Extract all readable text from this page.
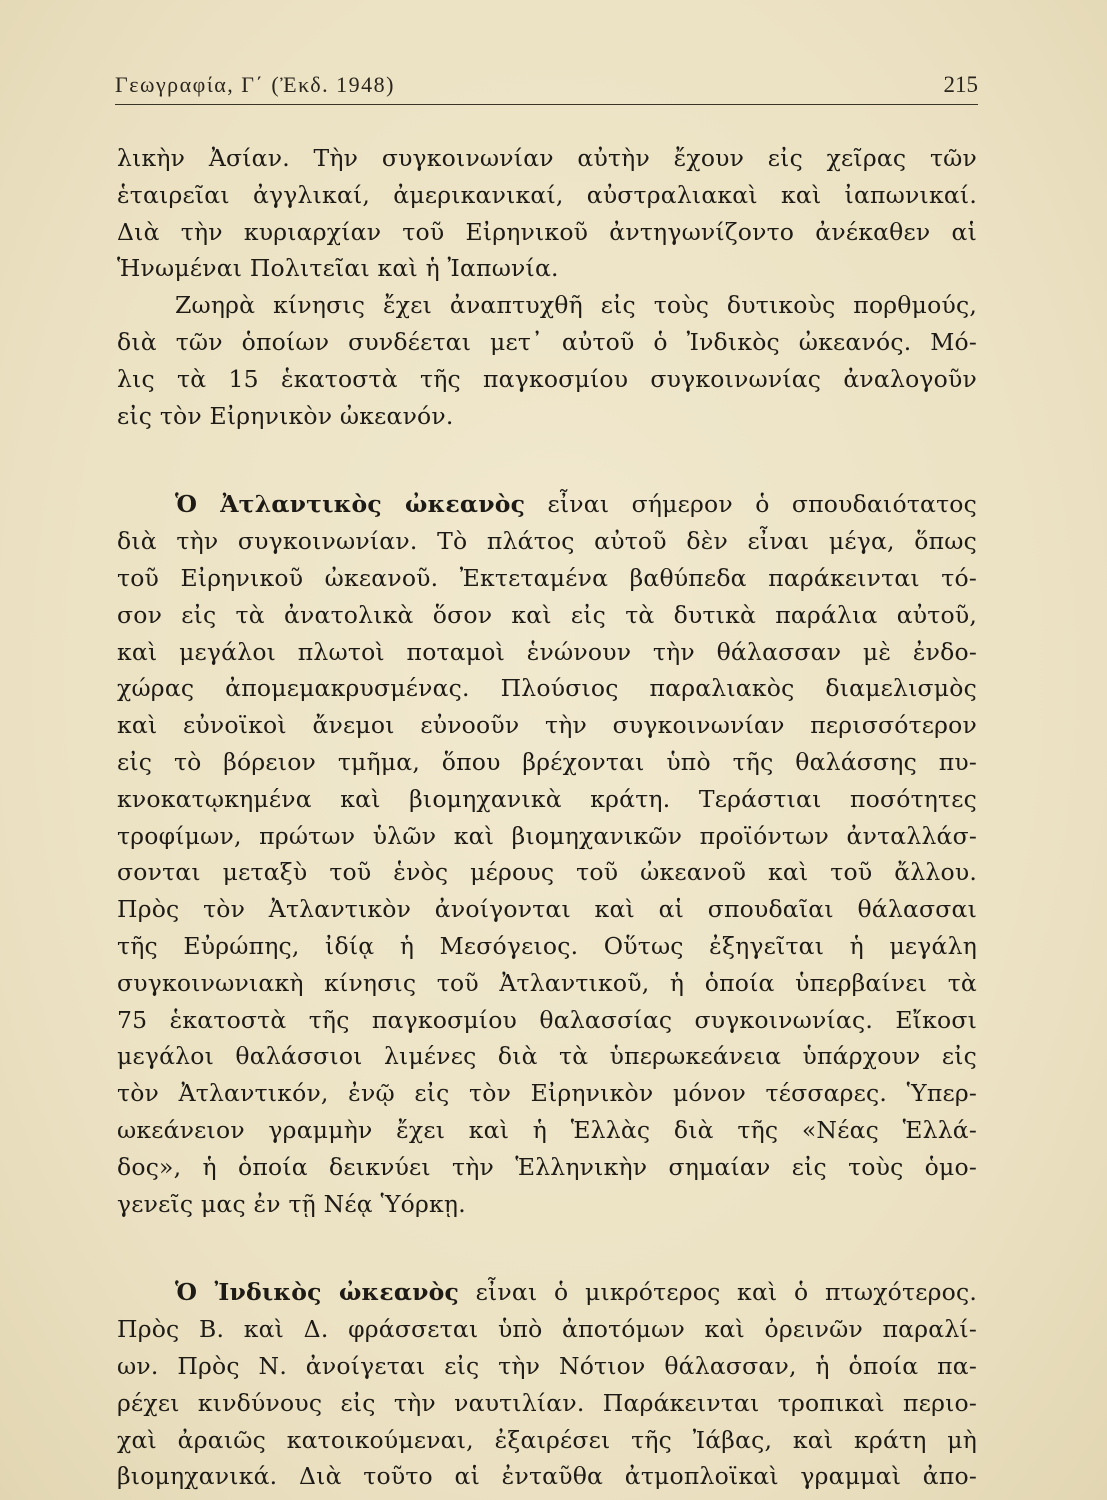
Γεωγραφία, Γ΄ (Ἐκδ. 1948)	215

λικὴν Ἀσίαν. Τὴν συγκοινωνίαν αὐτὴν ἔχουν εἰς χεῖρας τῶν
ἑταιρεῖαι ἀγγλικαί, ἀμερικανικαί, αὐστραλιακαὶ καὶ ἰαπωνικαί.
Διὰ τὴν κυριαρχίαν τοῦ Εἰρηνικοῦ ἀντηγωνίζοντο ἀνέκαθεν αἱ
Ἡνωμέναι Πολιτεῖαι καὶ ἡ Ἰαπωνία.

Ζωηρὰ κίνησις ἔχει ἀναπτυχθῆ εἰς τοὺς δυτικοὺς πορθμούς,
διὰ τῶν ὁποίων συνδέεται μετ᾿ αὐτοῦ ὁ Ἰνδικὸς ὠκεανός. Μό-
λις τὰ 15 ἑκατοστὰ τῆς παγκοσμίου συγκοινωνίας ἀναλογοῦν
εἰς τὸν Εἰρηνικὸν ὠκεανόν.

Ὁ Ἀτλαντικὸς ὠκεανὸς εἶναι σήμερον ὁ σπουδαιότατος
διὰ τὴν συγκοινωνίαν. Τὸ πλάτος αὐτοῦ δὲν εἶναι μέγα, ὅπως
τοῦ Εἰρηνικοῦ ὠκεανοῦ. Ἐκτεταμένα βαθύπεδα παράκεινται τό-
σον εἰς τὰ ἀνατολικὰ ὅσον καὶ εἰς τὰ δυτικὰ παράλια αὐτοῦ,
καὶ μεγάλοι πλωτοὶ ποταμοὶ ἑνώνουν τὴν θάλασσαν μὲ ἐνδο-
χώρας ἀπομεμακρυσμένας. Πλούσιος παραλιακὸς διαμελισμὸς
καὶ εὐνοϊκοὶ ἄνεμοι εὐνοοῦν τὴν συγκοινωνίαν περισσότερον
εἰς τὸ βόρειον τμῆμα, ὅπου βρέχονται ὑπὸ τῆς θαλάσσης πυ-
κνοκατῳκημένα καὶ βιομηχανικὰ κράτη. Τεράστιαι ποσότητες
τροφίμων, πρώτων ὑλῶν καὶ βιομηχανικῶν προϊόντων ἀνταλλάσ-
σονται μεταξὺ τοῦ ἑνὸς μέρους τοῦ ὠκεανοῦ καὶ τοῦ ἄλλου.
Πρὸς τὸν Ἀτλαντικὸν ἀνοίγονται καὶ αἱ σπουδαῖαι θάλασσαι
τῆς Εὐρώπης, ἰδίᾳ ἡ Μεσόγειος. Οὕτως ἐξηγεῖται ἡ μεγάλη
συγκοινωνιακὴ κίνησις τοῦ Ἀτλαντικοῦ, ἡ ὁποία ὑπερβαίνει τὰ
75 ἑκατοστὰ τῆς παγκοσμίου θαλασσίας συγκοινωνίας. Εἴκοσι
μεγάλοι θαλάσσιοι λιμένες διὰ τὰ ὑπερωκεάνεια ὑπάρχουν εἰς
τὸν Ἀτλαντικόν, ἐνῷ εἰς τὸν Εἰρηνικὸν μόνον τέσσαρες. Ὑπερ-
ωκεάνειον γραμμὴν ἔχει καὶ ἡ Ἑλλὰς διὰ τῆς «Νέας Ἑλλά-
δος», ἡ ὁποία δεικνύει τὴν Ἑλληνικὴν σημαίαν εἰς τοὺς ὁμο-
γενεῖς μας ἐν τῇ Νέᾳ Ὑόρκῃ.

Ὁ Ἰνδικὸς ὠκεανὸς εἶναι ὁ μικρότερος καὶ ὁ πτωχότερος.
Πρὸς Β. καὶ Δ. φράσσεται ὑπὸ ἀποτόμων καὶ ὀρεινῶν παραλί-
ων. Πρὸς Ν. ἀνοίγεται εἰς τὴν Νότιον θάλασσαν, ἡ ὁποία πα-
ρέχει κινδύνους εἰς τὴν ναυτιλίαν. Παράκεινται τροπικαὶ περιο-
χαὶ ἀραιῶς κατοικούμεναι, ἐξαιρέσει τῆς Ἰάβας, καὶ κράτη μὴ
βιομηχανικά. Διὰ τοῦτο αἱ ἐνταῦθα ἀτμοπλοϊκαὶ γραμμαὶ ἀπο-
